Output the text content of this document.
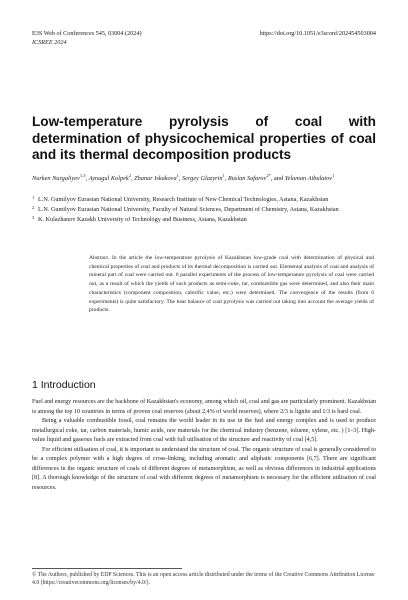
E3S Web of Conferences 545, 03004 (2024)	https://doi.org/10.1051/e3sconf/202454503004
ICSREE 2024
Low-temperature pyrolysis of coal with determination of physicochemical properties of coal and its thermal decomposition products
Nurken Nurgaliyev$^{1,3}$, Aynagul Kolpek$^2$, Zhanar Iskakova$^1$, Sergey Glazyrin$^1$, Ruslan Safarov$^{2*}$, and Yelaman Aibulatov$^1$
1 L.N. Gumilyov Eurasian National University, Research Institute of New Chemical Technologies, Astana, Kazakhstan
2 L.N. Gumilyov Eurasian National University, Faculty of Natural Sciences, Department of Chemistry, Astana, Kazakhstan
3 K. Kulazhanov Kazakh University of Technology and Business, Astana, Kazakhstan
Abstract. In the article the low-temperature pyrolysis of Kazakhstan low-grade coal with determination of physical and chemical properties of coal and products of its thermal decomposition is carried out. Elemental analysis of coal and analysis of mineral part of coal were carried out. 6 parallel experiments of the process of low-temperature pyrolysis of coal were carried out, as a result of which the yields of such products as semi-coke, tar, combustible gas were determined, and also their main characteristics (component composition, calorific value, etc.) were determined. The convergence of the results (from 6 experiments) is quite satisfactory. The heat balance of coal pyrolysis was carried out taking into account the average yields of products.
1 Introduction

Fuel and energy resources are the backbone of Kazakhstan's economy, among which oil, coal and gas are particularly prominent. Kazakhstan is among the top 10 countries in terms of proven coal reserves (about 2,4% of world reserves), where 2/3 is lignite and 1/3 is hard coal.

Being a valuable combustible fossil, coal remains the world leader in its use in the fuel and energy complex and is used to produce metallurgical coke, tar, carbon materials, humic acids, raw materials for the chemical industry (benzene, toluene, xylene, etc. ) [1–3]. High-value liquid and gaseous fuels are extracted from coal with full utilisation of the structure and reactivity of coal [4,5].

For efficient utilisation of coal, it is important to understand the structure of coal. The organic structure of coal is generally considered to be a complex polymer with a high degree of cross-linking, including aromatic and aliphatic components [6,7]. There are significant differences in the organic structure of coals of different degrees of metamorphism, as well as obvious differences in industrial applications [8]. A thorough knowledge of the structure of coal with different degrees of metamorphism is necessary for the efficient utilisation of coal resources.

© The Authors, published by EDP Sciences. This is an open access article distributed under the terms of the Creative Commons Attribution License 4.0 (https://creativecommons.org/licenses/by/4.0/).
